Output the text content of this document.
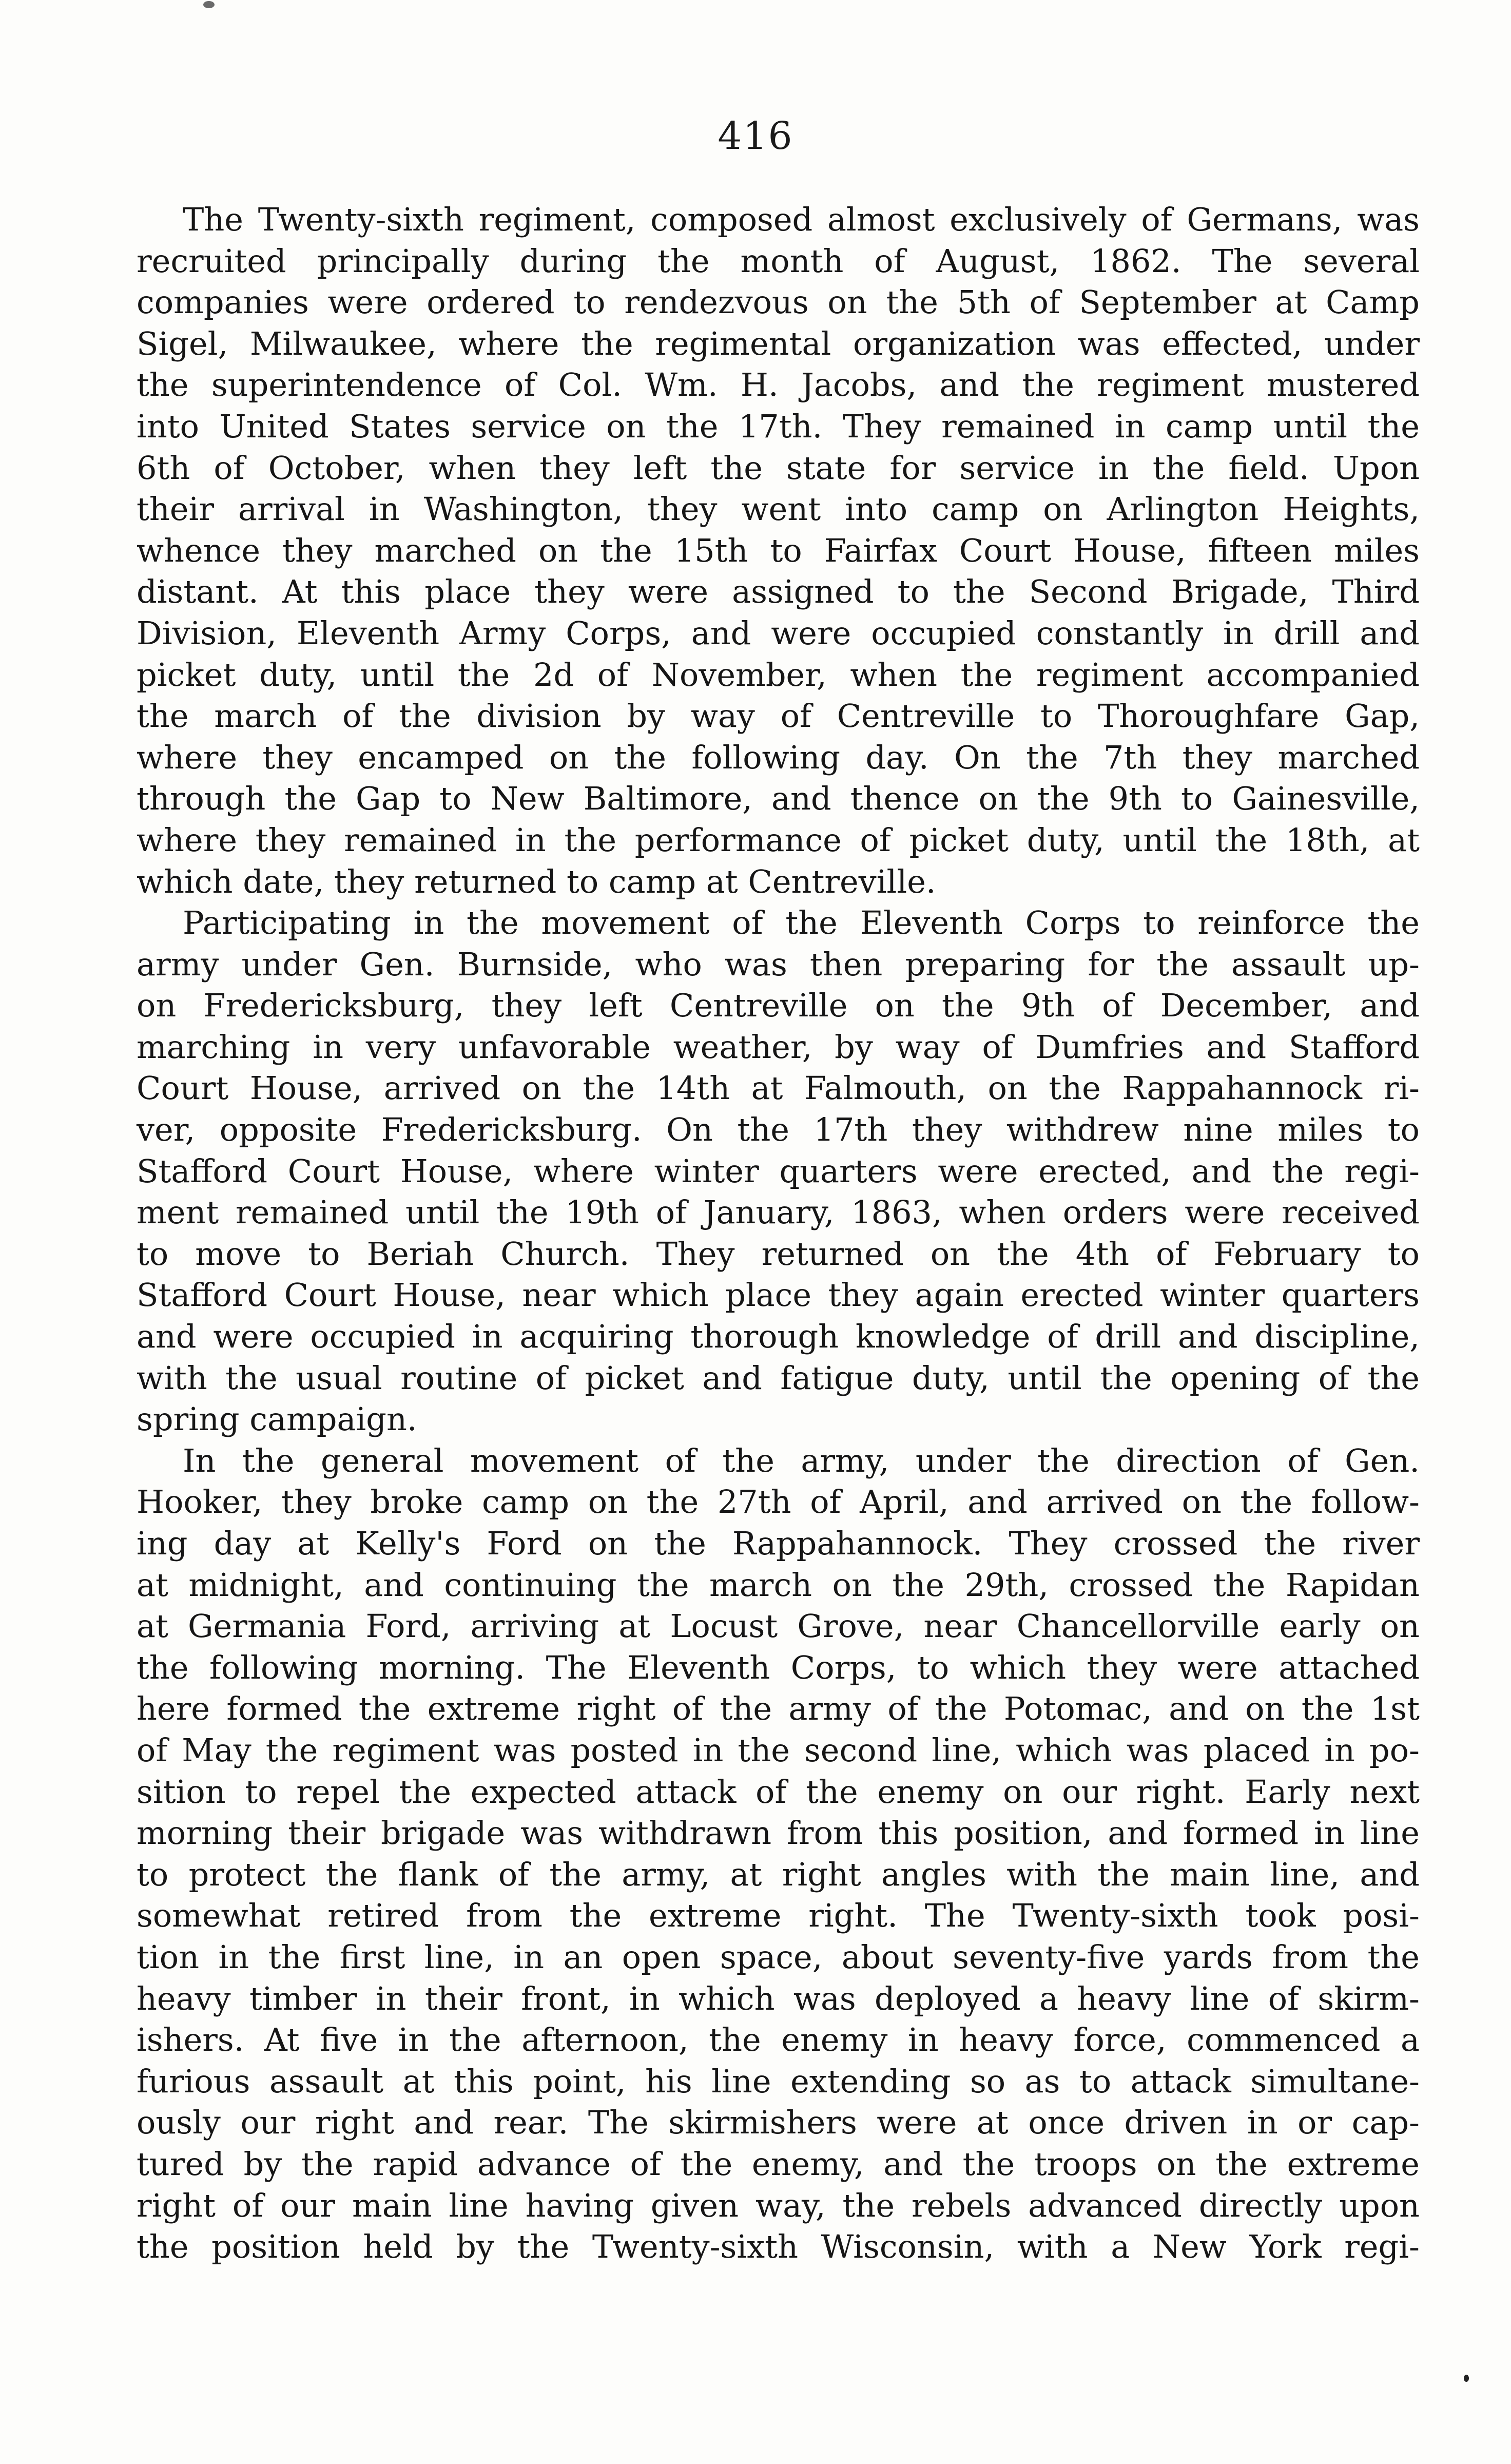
416
The Twenty-sixth regiment, composed almost exclusively of Germans, was
recruited principally during the month of August, 1862. The several
companies were ordered to rendezvous on the 5th of September at Camp
Sigel, Milwaukee, where the regimental organization was effected, under
the superintendence of Col. Wm. H. Jacobs, and the regiment mustered
into United States service on the 17th. They remained in camp until the
6th of October, when they left the state for service in the field. Upon
their arrival in Washington, they went into camp on Arlington Heights,
whence they marched on the 15th to Fairfax Court House, fifteen miles
distant. At this place they were assigned to the Second Brigade, Third
Division, Eleventh Army Corps, and were occupied constantly in drill and
picket duty, until the 2d of November, when the regiment accompanied
the march of the division by way of Centreville to Thoroughfare Gap,
where they encamped on the following day. On the 7th they marched
through the Gap to New Baltimore, and thence on the 9th to Gainesville,
where they remained in the performance of picket duty, until the 18th, at
which date, they returned to camp at Centreville.
Participating in the movement of the Eleventh Corps to reinforce the
army under Gen. Burnside, who was then preparing for the assault up-
on Fredericksburg, they left Centreville on the 9th of December, and
marching in very unfavorable weather, by way of Dumfries and Stafford
Court House, arrived on the 14th at Falmouth, on the Rappahannock ri-
ver, opposite Fredericksburg. On the 17th they withdrew nine miles to
Stafford Court House, where winter quarters were erected, and the regi-
ment remained until the 19th of January, 1863, when orders were received
to move to Beriah Church. They returned on the 4th of February to
Stafford Court House, near which place they again erected winter quarters
and were occupied in acquiring thorough knowledge of drill and discipline,
with the usual routine of picket and fatigue duty, until the opening of the
spring campaign.
In the general movement of the army, under the direction of Gen.
Hooker, they broke camp on the 27th of April, and arrived on the follow-
ing day at Kelly's Ford on the Rappahannock. They crossed the river
at midnight, and continuing the march on the 29th, crossed the Rapidan
at Germania Ford, arriving at Locust Grove, near Chancellorville early on
the following morning. The Eleventh Corps, to which they were attached
here formed the extreme right of the army of the Potomac, and on the 1st
of May the regiment was posted in the second line, which was placed in po-
sition to repel the expected attack of the enemy on our right. Early next
morning their brigade was withdrawn from this position, and formed in line
to protect the flank of the army, at right angles with the main line, and
somewhat retired from the extreme right. The Twenty-sixth took posi-
tion in the first line, in an open space, about seventy-five yards from the
heavy timber in their front, in which was deployed a heavy line of skirm-
ishers. At five in the afternoon, the enemy in heavy force, commenced a
furious assault at this point, his line extending so as to attack simultane-
ously our right and rear. The skirmishers were at once driven in or cap-
tured by the rapid advance of the enemy, and the troops on the extreme
right of our main line having given way, the rebels advanced directly upon
the position held by the Twenty-sixth Wisconsin, with a New York regi-
